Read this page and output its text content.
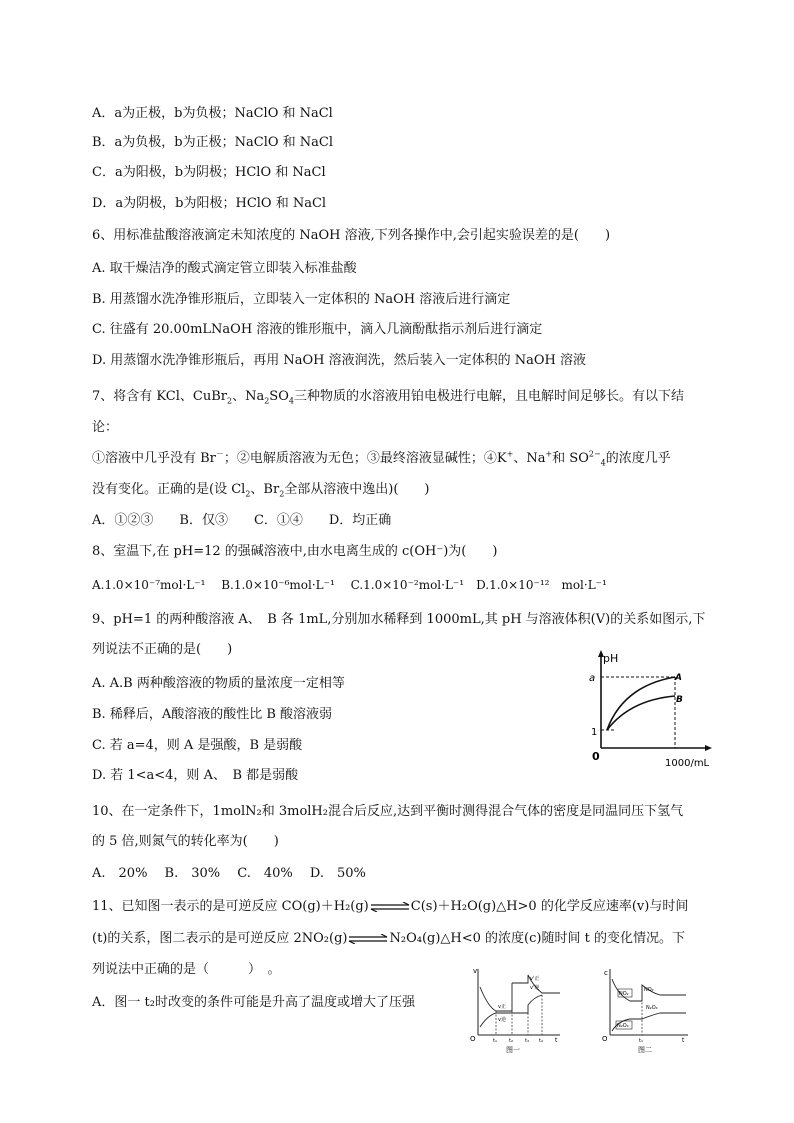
A．a为正极，b为负极；NaClO 和 NaCl
B．a为负极，b为正极；NaClO 和 NaCl
C．a为阳极，b为阴极；HClO 和 NaCl
D．a为阴极，b为阳极；HClO 和 NaCl
6、用标准盐酸溶液滴定未知浓度的 NaOH 溶液,下列各操作中,会引起实验误差的是(　　)
A. 取干燥洁净的酸式滴定管立即装入标准盐酸
B. 用蒸馏水洗净锥形瓶后，立即装入一定体积的 NaOH 溶液后进行滴定
C. 往盛有 20.00mLNaOH 溶液的锥形瓶中，滴入几滴酚酞指示剂后进行滴定
D. 用蒸馏水洗净锥形瓶后，再用 NaOH 溶液润洗，然后装入一定体积的 NaOH 溶液
7、将含有 KCl、CuBr$_2$、$Na_2SO_4$三种物质的水溶液用铂电极进行电解，且电解时间足够长。有以下结
论：
①溶液中几乎没有 Br－；②电解质溶液为无色；③最终溶液显碱性；④K+、Na+和 $SO^{2-}_4$的浓度几乎
没有变化。正确的是(设 $Cl_2$、$Br_2$全部从溶液中逸出)(　　)
A．①②③　　B．仅③　　C．①④　　D．均正确
8、室温下,在 pH=12 的强碱溶液中,由水电离生成的 c(OH⁻)为(　　)
A.1.0×10⁻⁷mol·L⁻¹　 B.1.0×10⁻⁶mol·L⁻¹　 C.1.0×10⁻²mol·L⁻¹　D.1.0×10⁻¹²　mol·L⁻¹
9、pH=1 的两种酸溶液 A、　B 各 1mL,分别加水稀释到 1000mL,其 pH 与溶液体积(V)的关系如图示,下
列说法不正确的是(　　)
A. A.B 两种酸溶液的物质的量浓度一定相等
B. 稀释后，A酸溶液的酸性比 B 酸溶液弱
C. 若 a=4，则 A 是强酸，B 是弱酸
D. 若 1<a<4，则 A、　B 都是弱酸
pH
a
1
0
A
B
1000/mL
10、在一定条件下，1molN₂和 3molH₂混合后反应,达到平衡时测得混合气体的密度是同温同压下氢气
的 5 倍,则氮气的转化率为(　　)
A.　20%　 B.　30%　 C.　40%　 D.　50%
11、已知图一表示的是可逆反应 CO(g)＋H₂(g)⇌C(s)＋H₂O(g)△H>0 的化学反应速率(v)与时间
(t)的关系，图二表示的是可逆反应 2NO₂(g)⇌N₂O₄(g)△H<0 的浓度(c)随时间 t 的变化情况。下
列说法中正确的是（　　　）　。
A．图一 t₂时改变的条件可能是升高了温度或增大了压强
v
O
v正
v逆
v'正
v'逆
t₁ t₂ t₃ t₄ t
图一
c
O
NO₂
NO₂
N₂O₄
N₂O₄
t₁	t
图二
